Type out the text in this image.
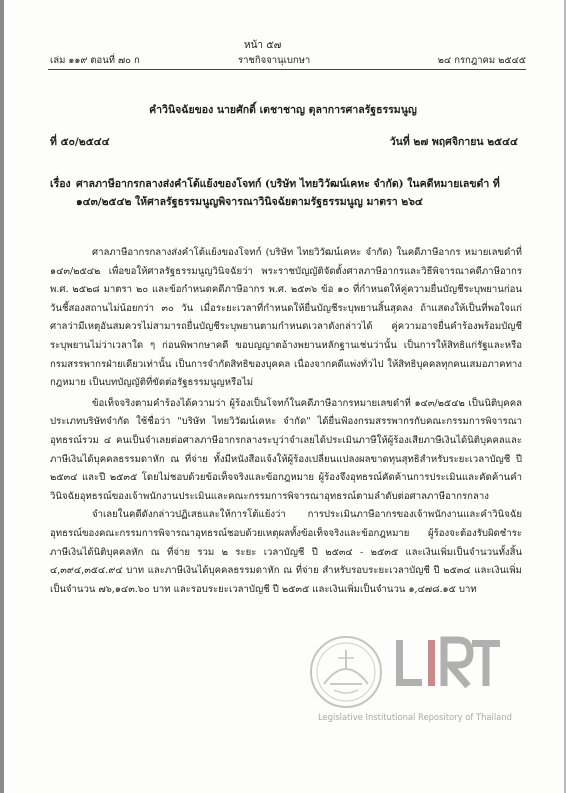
หน้า ๕๗
เล่ม ๑๑๙ ตอนที่ ๗๐ ก	ราชกิจจานุเบกษา	๒๔ กรกฎาคม ๒๕๔๕
คำวินิจฉัยของ นายศักดิ์ เตชาชาญ ตุลาการศาลรัฐธรรมนูญ
ที่ ๕๐/๒๕๔๔	วันที่ ๒๗ พฤศจิกายน ๒๕๔๔
เรื่อง ศาลภาษีอากรกลางส่งคำโต้แย้งของโจทก์ (บริษัท ไทยวิวัฒน์เคหะ จำกัด) ในคดีหมายเลขดำ ที่ ๑๔๓/๒๕๔๒ ให้ศาลรัฐธรรมนูญพิจารณาวินิจฉัยตามรัฐธรรมนูญ มาตรา ๒๖๔

ศาลภาษีอากรกลางส่งคำโต้แย้งของโจทก์ (บริษัท ไทยวิวัฒน์เคหะ จำกัด) ในคดีภาษีอากร หมายเลขดำที่ ๑๔๓/๒๕๔๒ เพื่อขอให้ศาลรัฐธรรมนูญวินิจฉัยว่า พระราชบัญญัติจัดตั้งศาลภาษีอากรและวิธีพิจารณาคดีภาษีอากร พ.ศ. ๒๕๒๘ มาตรา ๒๐ และข้อกำหนดคดีภาษีอากร พ.ศ. ๒๕๓๖ ข้อ ๑๐ ที่กำหนดให้คู่ความยื่นบัญชีระบุพยานก่อนวันชี้สองสถานไม่น้อยกว่า ๓๐ วัน เมื่อระยะเวลาที่กำหนดให้ยื่นบัญชีระบุพยานสิ้นสุดลง ถ้าแสดงให้เป็นที่พอใจแก่ศาลว่ามีเหตุอันสมควรไม่สามารถยื่นบัญชีระบุพยานตามกำหนดเวลาดังกล่าวได้ คู่ความอาจยื่นคำร้องพร้อมบัญชีระบุพยานไม่ว่าเวลาใด ๆ ก่อนพิพากษาคดี ขอบญญาตอ้างพยานหลักฐานเช่นว่านั้น เป็นการให้สิทธิแก่รัฐและหรือกรมสรรพากรฝ่ายเดียวเท่านั้น เป็นการจำกัดสิทธิของบุคคล เนื่องจากคดีแพ่งทั่วไป ให้สิทธิบุคคลทุกคนเสมอภาคทางกฎหมาย เป็นบทบัญญัติที่ขัดต่อรัฐธรรมนูญหรือไม่

ข้อเท็จจริงตามคำร้องได้ความว่า ผู้ร้องเป็นโจทก์ในคดีภาษีอากรหมายเลขดำที่ ๑๔๓/๒๕๔๒ เป็นนิติบุคคลประเภทบริษัทจำกัด ใช้ชื่อว่า "บริษัท ไทยวิวัฒน์เคหะ จำกัด" ได้ยื่นฟ้องกรมสรรพากรกับคณะกรรมการพิจารณาอุทธรณ์รวม ๔ คนเป็นจำเลยต่อศาลภาษีอากรกลางระบุว่าจำเลยได้ประเมินภาษีให้ผู้ร้องเสียภาษีเงินได้นิติบุคคลและภาษีเงินได้บุคคลธรรมดาหัก ณ ที่จ่าย ทั้งมีหนังสือแจ้งให้ผู้ร้องเปลี่ยนแปลงผลขาดทุนสุทธิสำหรับระยะเวลาบัญชี ปี ๒๕๓๔ และปี ๒๕๓๕ โดยไม่ชอบด้วยข้อเท็จจริงและข้อกฎหมาย ผู้ร้องจึงอุทธรณ์คัดค้านการประเมินและคัดค้านคำวินิจฉัยอุทธรณ์ของเจ้าพนักงานประเมินและคณะกรรมการพิจารณาอุทธรณ์ตามลำดับต่อศาลภาษีอากรกลาง

จำเลยในคดีดังกล่าวปฏิเสธและให้การโต้แย้งว่า การประเมินภาษีอากรของเจ้าพนักงานและคำวินิจฉัยอุทธรณ์ของคณะกรรมการพิจารณาอุทธรณ์ชอบด้วยเหตุผลทั้งข้อเท็จจริงและข้อกฎหมาย ผู้ร้องจะต้องรับผิดชำระภาษีเงินได้นิติบุคคลหัก ณ ที่จ่าย รวม ๒ ระยะ เวลาบัญชี ปี ๒๕๓๔ - ๒๕๓๕ และเงินเพิ่มเป็นจำนวนทั้งสิ้น ๔,๓๙๔,๓๕๔.๙๔ บาท และภาษีเงินได้บุคคลธรรมดาหัก ณ ที่จ่าย สำหรับรอบระยะเวลาบัญชี ปี ๒๕๓๔ และเงินเพิ่มเป็นจำนวน ๗๖,๑๔๓.๖๐ บาท และรอบระยะเวลาบัญชี ปี ๒๕๓๕ และเงินเพิ่มเป็นจำนวน ๑,๔๗๘.๑๕ บาท

Legislative Institutional Repository of Thailand
